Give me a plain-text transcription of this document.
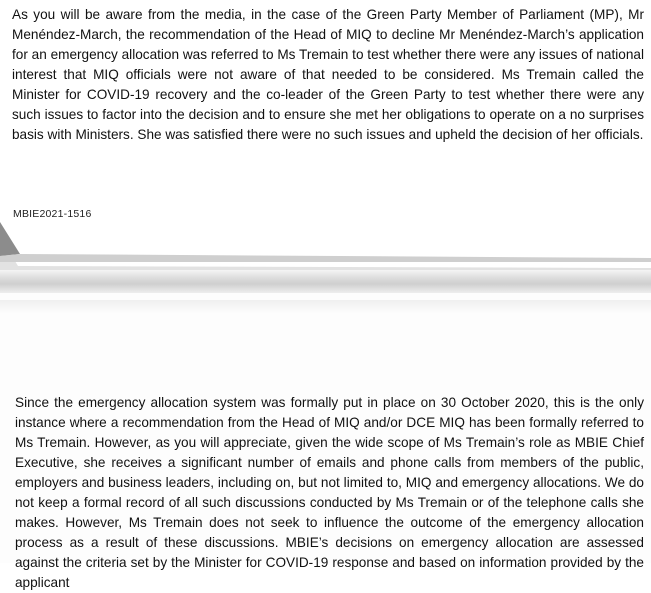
As you will be aware from the media, in the case of the Green Party Member of Parliament (MP), Mr Menéndez-March, the recommendation of the Head of MIQ to decline Mr Menéndez-March’s application for an emergency allocation was referred to Ms Tremain to test whether there were any issues of national interest that MIQ officials were not aware of that needed to be considered. Ms Tremain called the Minister for COVID-19 recovery and the co-leader of the Green Party to test whether there were any such issues to factor into the decision and to ensure she met her obligations to operate on a no surprises basis with Ministers. She was satisfied there were no such issues and upheld the decision of her officials.

MBIE2021-1516

Since the emergency allocation system was formally put in place on 30 October 2020, this is the only instance where a recommendation from the Head of MIQ and/or DCE MIQ has been formally referred to Ms Tremain. However, as you will appreciate, given the wide scope of Ms Tremain’s role as MBIE Chief Executive, she receives a significant number of emails and phone calls from members of the public, employers and business leaders, including on, but not limited to, MIQ and emergency allocations. We do not keep a formal record of all such discussions conducted by Ms Tremain or of the telephone calls she makes. However, Ms Tremain does not seek to influence the outcome of the emergency allocation process as a result of these discussions. MBIE’s decisions on emergency allocation are assessed against the criteria set by the Minister for COVID-19 response and based on information provided by the applicant
